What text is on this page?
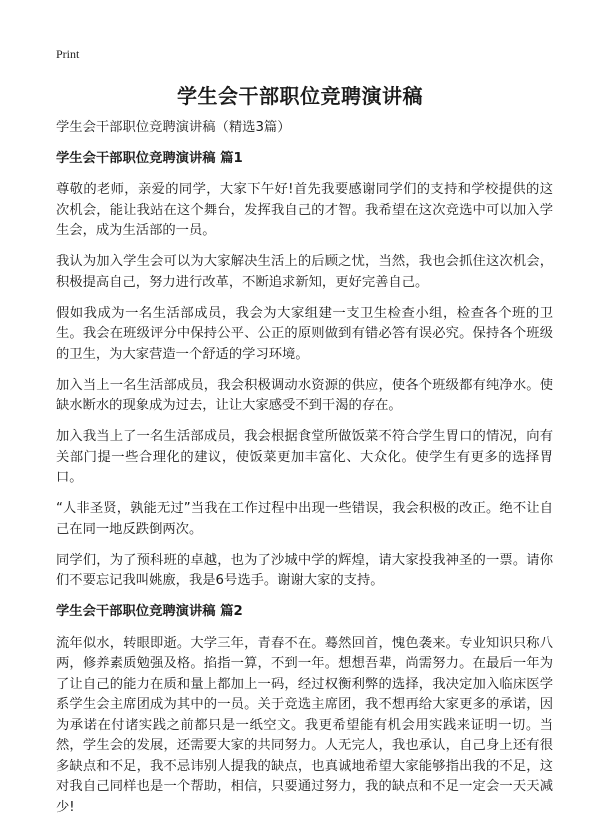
Print
学生会干部职位竞聘演讲稿

学生会干部职位竞聘演讲稿（精选3篇）

学生会干部职位竞聘演讲稿 篇1

尊敬的老师，亲爱的同学，大家下午好!首先我要感谢同学们的支持和学校提供的这次机会，能让我站在这个舞台，发挥我自己的才智。我希望在这次竞选中可以加入学生会，成为生活部的一员。

我认为加入学生会可以为大家解决生活上的后顾之忧，当然，我也会抓住这次机会，积极提高自己，努力进行改革，不断追求新知，更好完善自己。

假如我成为一名生活部成员，我会为大家组建一支卫生检查小组，检查各个班的卫生。我会在班级评分中保持公平、公正的原则做到有错必答有误必究。保持各个班级的卫生，为大家营造一个舒适的学习环境。

加入当上一名生活部成员，我会积极调动水资源的供应，使各个班级都有纯净水。使缺水断水的现象成为过去，让让大家感受不到干渴的存在。

加入我当上了一名生活部成员，我会根据食堂所做饭菜不符合学生胃口的情况，向有关部门提一些合理化的建议，使饭菜更加丰富化、大众化。使学生有更多的选择胃口。

“人非圣贤，孰能无过”当我在工作过程中出现一些错误，我会积极的改正。绝不让自己在同一地反跌倒两次。

同学们，为了预科班的卓越，也为了沙城中学的辉煌，请大家投我神圣的一票。请你们不要忘记我叫姚廒，我是6号选手。谢谢大家的支持。

学生会干部职位竞聘演讲稿 篇2

流年似水，转眼即逝。大学三年，青春不在。蓦然回首，愧色袭来。专业知识只称八两，修养素质勉强及格。掐指一算，不到一年。想想吾辈，尚需努力。在最后一年为了让自己的能力在质和量上都加上一码，经过权衡利弊的选择，我决定加入临床医学系学生会主席团成为其中的一员。关于竞选主席团，我不想再给大家更多的承诺，因为承诺在付诸实践之前都只是一纸空文。我更希望能有机会用实践来证明一切。当然，学生会的发展，还需要大家的共同努力。人无完人，我也承认，自己身上还有很多缺点和不足，我不忌讳别人提我的缺点，也真诚地希望大家能够指出我的不足，这对我自己同样也是一个帮助，相信，只要通过努力，我的缺点和不足一定会一天天减少!
